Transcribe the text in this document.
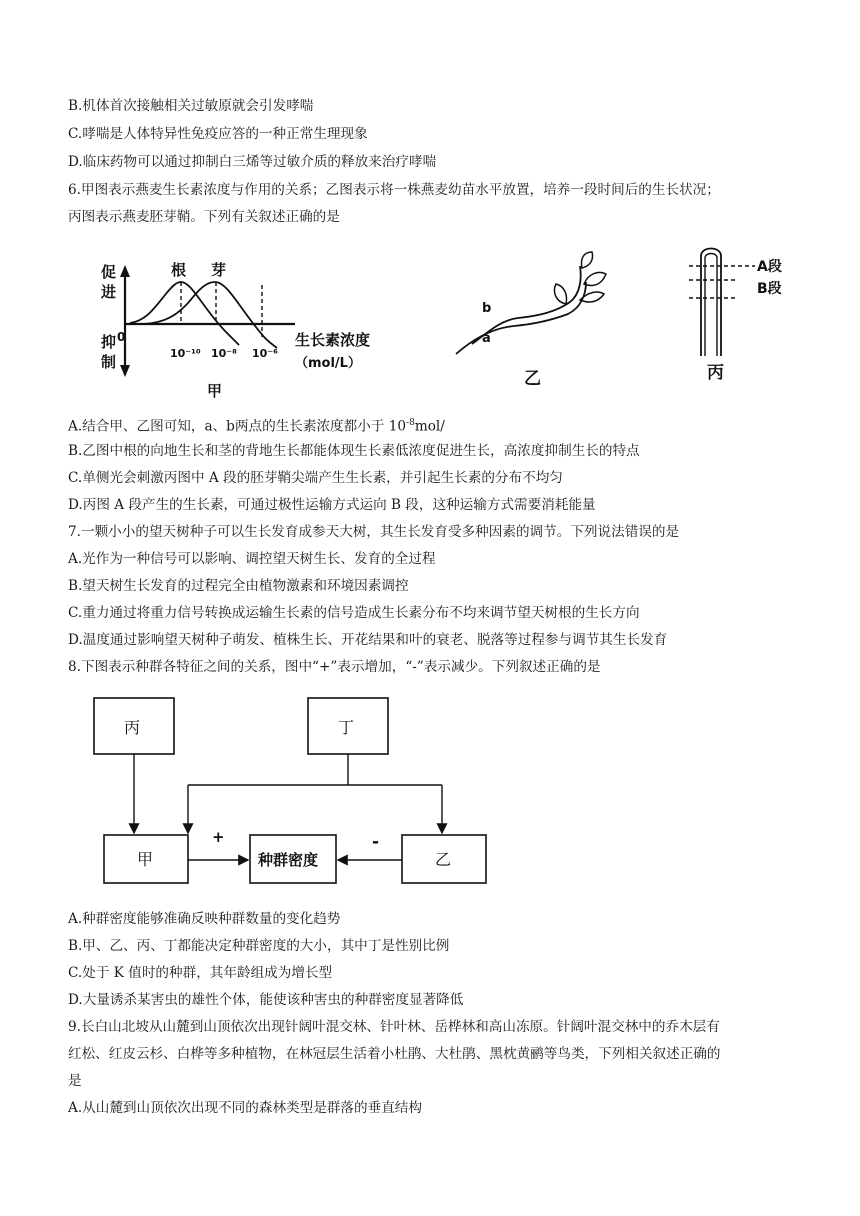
B.机体首次接触相关过敏原就会引发哮喘
C.哮喘是人体特异性免疫应答的一种正常生理现象
D.临床药物可以通过抑制白三烯等过敏介质的释放来治疗哮喘
6.甲图表示燕麦生长素浓度与作用的关系；乙图表示将一株燕麦幼苗水平放置，培养一段时间后的生长状况；
丙图表示燕麦胚芽鞘。下列有关叙述正确的是
促
进
抑
制
0
根 芽
10⁻¹⁰ 10⁻⁸ 10⁻⁶
生长素浓度
（mol/L）
甲
b
a
乙
A段
B段
丙
A.结合甲、乙图可知，a、b两点的生长素浓度都小于 $10^{-8}mol/$
B.乙图中根的向地生长和茎的背地生长都能体现生长素低浓度促进生长，高浓度抑制生长的特点
C.单侧光会刺激丙图中 A 段的胚芽鞘尖端产生生长素，并引起生长素的分布不均匀
D.丙图 A 段产生的生长素，可通过极性运输方式运向 B 段，这种运输方式需要消耗能量
7.一颗小小的望天树种子可以生长发育成参天大树，其生长发育受多种因素的调节。下列说法错误的是
A.光作为一种信号可以影响、调控望天树生长、发育的全过程
B.望天树生长发育的过程完全由植物激素和环境因素调控
C.重力通过将重力信号转换成运输生长素的信号造成生长素分布不均来调节望天树根的生长方向
D.温度通过影响望天树种子萌发、植株生长、开花结果和叶的衰老、脱落等过程参与调节其生长发育
8.下图表示种群各特征之间的关系，图中“+”表示增加，“-”表示减少。下列叙述正确的是
丙	丁
甲	种群密度	乙
+	-
A.种群密度能够准确反映种群数量的变化趋势
B.甲、乙、丙、丁都能决定种群密度的大小，其中丁是性别比例
C.处于 K 值时的种群，其年龄组成为增长型
D.大量诱杀某害虫的雄性个体，能使该种害虫的种群密度显著降低
9.长白山北坡从山麓到山顶依次出现针阔叶混交林、针叶林、岳桦林和高山冻原。针阔叶混交林中的乔木层有
红松、红皮云杉、白桦等多种植物，在林冠层生活着小杜鹃、大杜鹃、黑枕黄鹂等鸟类，下列相关叙述正确的
是
A.从山麓到山顶依次出现不同的森林类型是群落的垂直结构
